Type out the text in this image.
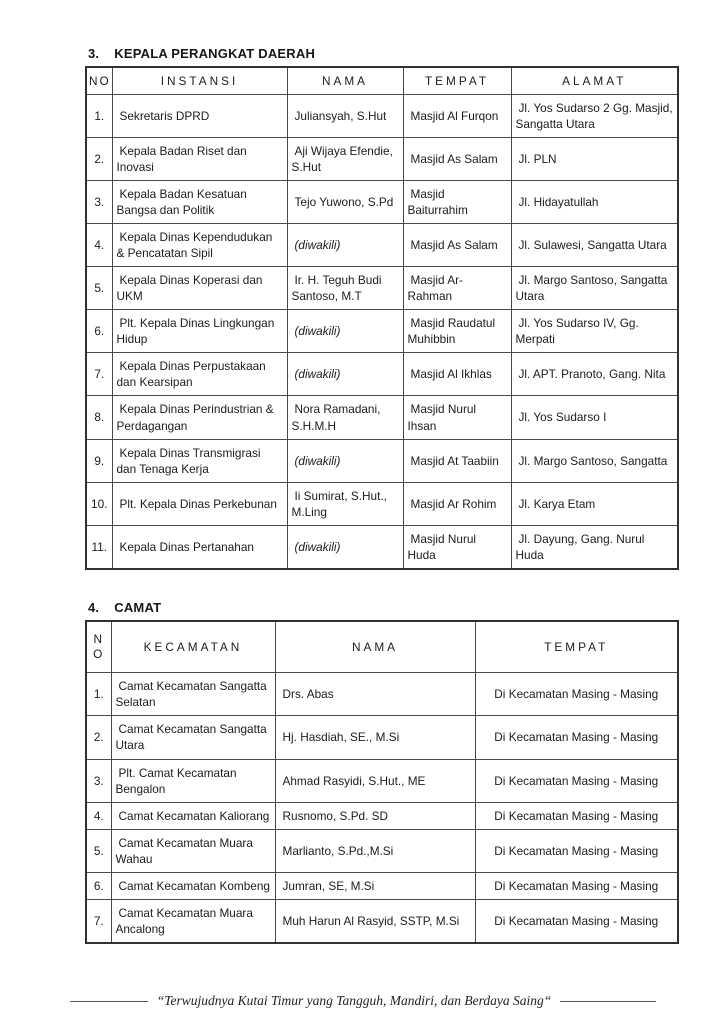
3. KEPALA PERANGKAT DAERAH
NO	INSTANSI	NAMA	TEMPAT	ALAMAT
1.	Sekretaris DPRD	Juliansyah, S.Hut	Masjid Al Furqon	Jl. Yos Sudarso 2 Gg. Masjid, Sangatta Utara
2.	Kepala Badan Riset dan Inovasi	Aji Wijaya Efendie, S.Hut	Masjid As Salam	Jl. PLN
3.	Kepala Badan Kesatuan Bangsa dan Politik	Tejo Yuwono, S.Pd	Masjid Baiturrahim	Jl. Hidayatullah
4.	Kepala Dinas Kependudukan & Pencatatan Sipil	(diwakili)	Masjid As Salam	Jl. Sulawesi, Sangatta Utara
5.	Kepala Dinas Koperasi dan UKM	Ir. H. Teguh Budi Santoso, M.T	Masjid Ar-Rahman	Jl. Margo Santoso, Sangatta Utara
6.	Plt. Kepala Dinas Lingkungan Hidup	(diwakili)	Masjid Raudatul Muhibbin	Jl. Yos Sudarso IV, Gg. Merpati
7.	Kepala Dinas Perpustakaan dan Kearsipan	(diwakili)	Masjid Al Ikhlas	Jl. APT. Pranoto, Gang. Nita
8.	Kepala Dinas Perindustrian & Perdagangan	Nora Ramadani, S.H.M.H	Masjid Nurul Ihsan	Jl. Yos Sudarso I
9.	Kepala Dinas Transmigrasi dan Tenaga Kerja	(diwakili)	Masjid At Taabiin	Jl. Margo Santoso, Sangatta
10.	Plt. Kepala Dinas Perkebunan	Ii Sumirat, S.Hut., M.Ling	Masjid Ar Rohim	Jl. Karya Etam
11.	Kepala Dinas Pertanahan	(diwakili)	Masjid Nurul Huda	Jl. Dayung, Gang. Nurul Huda
4. CAMAT
NO	KECAMATAN	NAMA	TEMPAT
1.	Camat Kecamatan Sangatta Selatan	Drs. Abas	Di Kecamatan Masing - Masing
2.	Camat Kecamatan Sangatta Utara	Hj. Hasdiah, SE., M.Si	Di Kecamatan Masing - Masing
3.	Plt. Camat Kecamatan Bengalon	Ahmad Rasyidi, S.Hut., ME	Di Kecamatan Masing - Masing
4.	Camat Kecamatan Kaliorang	Rusnomo, S.Pd. SD	Di Kecamatan Masing - Masing
5.	Camat Kecamatan Muara Wahau	Marlianto, S.Pd.,M.Si	Di Kecamatan Masing - Masing
6.	Camat Kecamatan Kombeng	Jumran, SE, M.Si	Di Kecamatan Masing - Masing
7.	Camat Kecamatan Muara Ancalong	Muh Harun Al Rasyid, SSTP, M.Si	Di Kecamatan Masing - Masing
“Terwujudnya Kutai Timur yang Tangguh, Mandiri, dan Berdaya Saing“
